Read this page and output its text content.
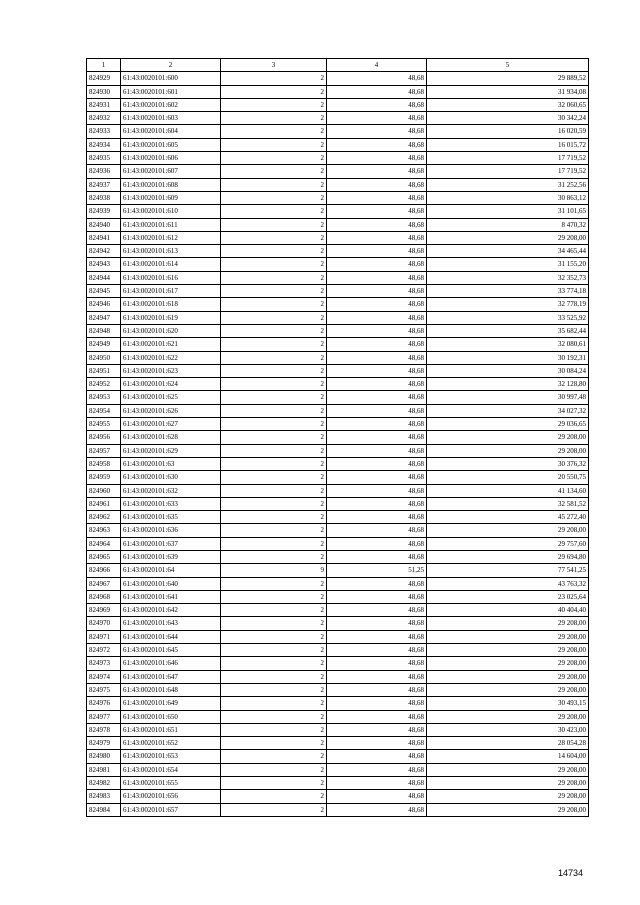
1	2	3	4	5
824929	61:43:0020101:600	2	48,68	29 889,52
824930	61:43:0020101:601	2	48,68	31 934,08
824931	61:43:0020101:602	2	48,68	32 060,65
824932	61:43:0020101:603	2	48,68	30 342,24
824933	61:43:0020101:604	2	48,68	16 020,59
824934	61:43:0020101:605	2	48,68	16 015,72
824935	61:43:0020101:606	2	48,68	17 719,52
824936	61:43:0020101:607	2	48,68	17 719,52
824937	61:43:0020101:608	2	48,68	31 252,56
824938	61:43:0020101:609	2	48,68	30 863,12
824939	61:43:0020101:610	2	48,68	31 101,65
824940	61:43:0020101:611	2	48,68	8 470,32
824941	61:43:0020101:612	2	48,68	29 208,00
824942	61:43:0020101:613	2	48,68	34 465,44
824943	61:43:0020101:614	2	48,68	31 155,20
824944	61:43:0020101:616	2	48,68	32 352,73
824945	61:43:0020101:617	2	48,68	33 774,18
824946	61:43:0020101:618	2	48,68	32 778,19
824947	61:43:0020101:619	2	48,68	33 525,92
824948	61:43:0020101:620	2	48,68	35 682,44
824949	61:43:0020101:621	2	48,68	32 080,61
824950	61:43:0020101:622	2	48,68	30 192,31
824951	61:43:0020101:623	2	48,68	30 084,24
824952	61:43:0020101:624	2	48,68	32 128,80
824953	61:43:0020101:625	2	48,68	30 997,48
824954	61:43:0020101:626	2	48,68	34 027,32
824955	61:43:0020101:627	2	48,68	29 036,65
824956	61:43:0020101:628	2	48,68	29 208,00
824957	61:43:0020101:629	2	48,68	29 208,00
824958	61:43:0020101:63	2	48,68	30 376,32
824959	61:43:0020101:630	2	48,68	20 550,75
824960	61:43:0020101:632	2	48,68	41 134,60
824961	61:43:0020101:633	2	48,68	32 581,52
824962	61:43:0020101:635	2	48,68	45 272,40
824963	61:43:0020101:636	2	48,68	29 208,00
824964	61:43:0020101:637	2	48,68	29 757,60
824965	61:43:0020101:639	2	48,68	29 694,80
824966	61:43:0020101:64	9	51,25	77 541,25
824967	61:43:0020101:640	2	48,68	43 763,32
824968	61:43:0020101:641	2	48,68	23 025,64
824969	61:43:0020101:642	2	48,68	40 404,40
824970	61:43:0020101:643	2	48,68	29 208,00
824971	61:43:0020101:644	2	48,68	29 208,00
824972	61:43:0020101:645	2	48,68	29 208,00
824973	61:43:0020101:646	2	48,68	29 208,00
824974	61:43:0020101:647	2	48,68	29 208,00
824975	61:43:0020101:648	2	48,68	29 208,00
824976	61:43:0020101:649	2	48,68	30 493,15
824977	61:43:0020101:650	2	48,68	29 208,00
824978	61:43:0020101:651	2	48,68	30 423,00
824979	61:43:0020101:652	2	48,68	28 054,28
824980	61:43:0020101:653	2	48,68	14 604,00
824981	61:43:0020101:654	2	48,68	29 208,00
824982	61:43:0020101:655	2	48,68	29 208,00
824983	61:43:0020101:656	2	48,68	29 208,00
824984	61:43:0020101:657	2	48,68	29 208,00
14734
